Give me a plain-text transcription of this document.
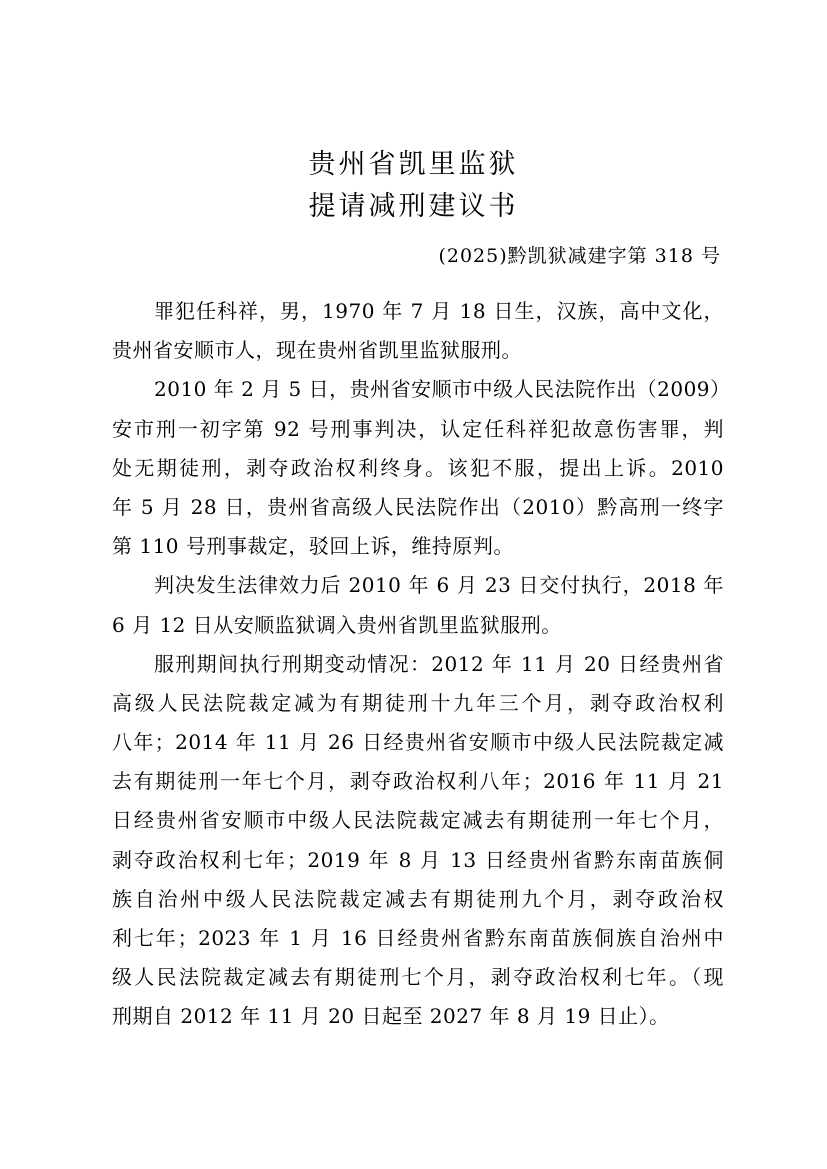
贵州省凯里监狱
提请减刑建议书
(2025)黔凯狱减建字第 318 号
罪犯任科祥，男，1970 年 7 月 18 日生，汉族，高中文化，
贵州省安顺市人，现在贵州省凯里监狱服刑。
2010 年 2 月 5 日，贵州省安顺市中级人民法院作出（2009）
安市刑一初字第 92 号刑事判决，认定任科祥犯故意伤害罪，判
处无期徒刑，剥夺政治权利终身。该犯不服，提出上诉。2010
年 5 月 28 日，贵州省高级人民法院作出（2010）黔高刑一终字
第 110 号刑事裁定，驳回上诉，维持原判。
判决发生法律效力后 2010 年 6 月 23 日交付执行，2018 年
6 月 12 日从安顺监狱调入贵州省凯里监狱服刑。
服刑期间执行刑期变动情况：2012 年 11 月 20 日经贵州省
高级人民法院裁定减为有期徒刑十九年三个月，剥夺政治权利
八年；2014 年 11 月 26 日经贵州省安顺市中级人民法院裁定减
去有期徒刑一年七个月，剥夺政治权利八年；2016 年 11 月 21
日经贵州省安顺市中级人民法院裁定减去有期徒刑一年七个月，
剥夺政治权利七年；2019 年 8 月 13 日经贵州省黔东南苗族侗
族自治州中级人民法院裁定减去有期徒刑九个月，剥夺政治权
利七年；2023 年 1 月 16 日经贵州省黔东南苗族侗族自治州中
级人民法院裁定减去有期徒刑七个月，剥夺政治权利七年。（现
刑期自 2012 年 11 月 20 日起至 2027 年 8 月 19 日止）。
